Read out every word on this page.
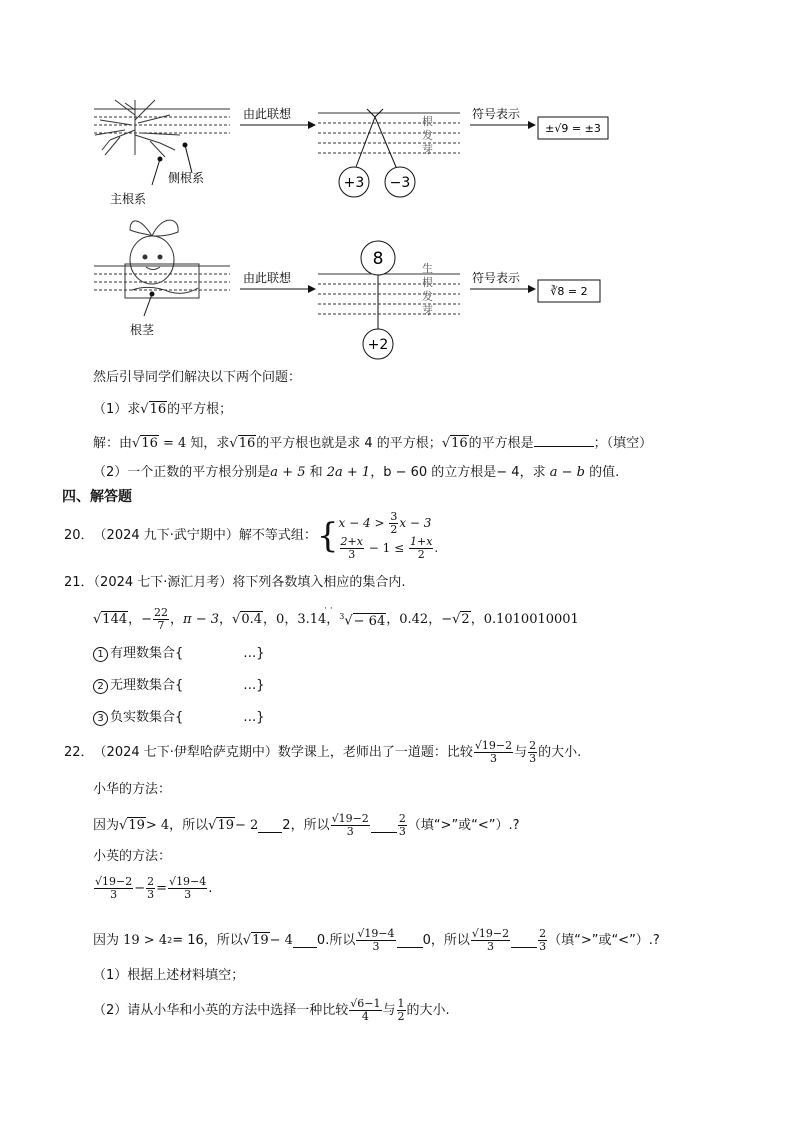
侧根系
主根系
由此联想
+3 −3
根
发
芽
符号表示
±√9 = ±3
根茎
由此联想
8
+2
生
根
发
芽
符号表示
∛8 = 2
然后引导同学们解决以下两个问题：
（1）求√16的平方根；
解：由√16 = 4 知，求√16的平方根也就是求 4 的平方根；√16的平方根是	；（填空）
（2）一个正数的平方根分别是a + 5 和 2a + 1，b − 60 的立方根是− 4，求 a − b 的值.
四、解答题
20． （2024 九下·武宁期中）解不等式组： { $x - 4 > \frac{3}{2}$ x − 3
$\frac{2+x}{3} - 1 \le \frac{1+x}{2}$ .
21．（2024 七下·源汇月考）将下列各数填入相应的集合内.
√144 ，− $\frac{22}{7}$ ， π − 3 ， √0.4 ， 0，3.14， $^3$√− 64 ， 0.42 ， − √2 ， 0.1010010001
··
1 有理数集合{	…}
2 无理数集合{	…}
3 负实数集合{	…}
22． （2024 七下·伊犁哈萨克期中）数学课上，老师出了一道题：比较 $\frac{√19-2}{3}$ 与 $\frac{2}{3}$ 的大小.
小华的方法：
因为 √19 > 4，所以 √19 − 2 2，所以 $\frac{√19-2}{3}$	$\frac{2}{3}$ （填“>”或“<”）.?
小英的方法：
$\frac{√19-2}{3} - \frac{2}{3} = \frac{√19-4}{3}$ .
因为 19 > 4 2 = 16，所以 √19 − 4 0.所以 $\frac{√19-4}{3} 0$，所以 $\frac{√19-2}{3}$	$\frac{2}{3}$ （填“>”或“<”）.?
（1）根据上述材料填空；
（2）请从小华和小英的方法中选择一种比较 $\frac{√6-1}{4}$ 与 $\frac{1}{2}$ 的大小.
